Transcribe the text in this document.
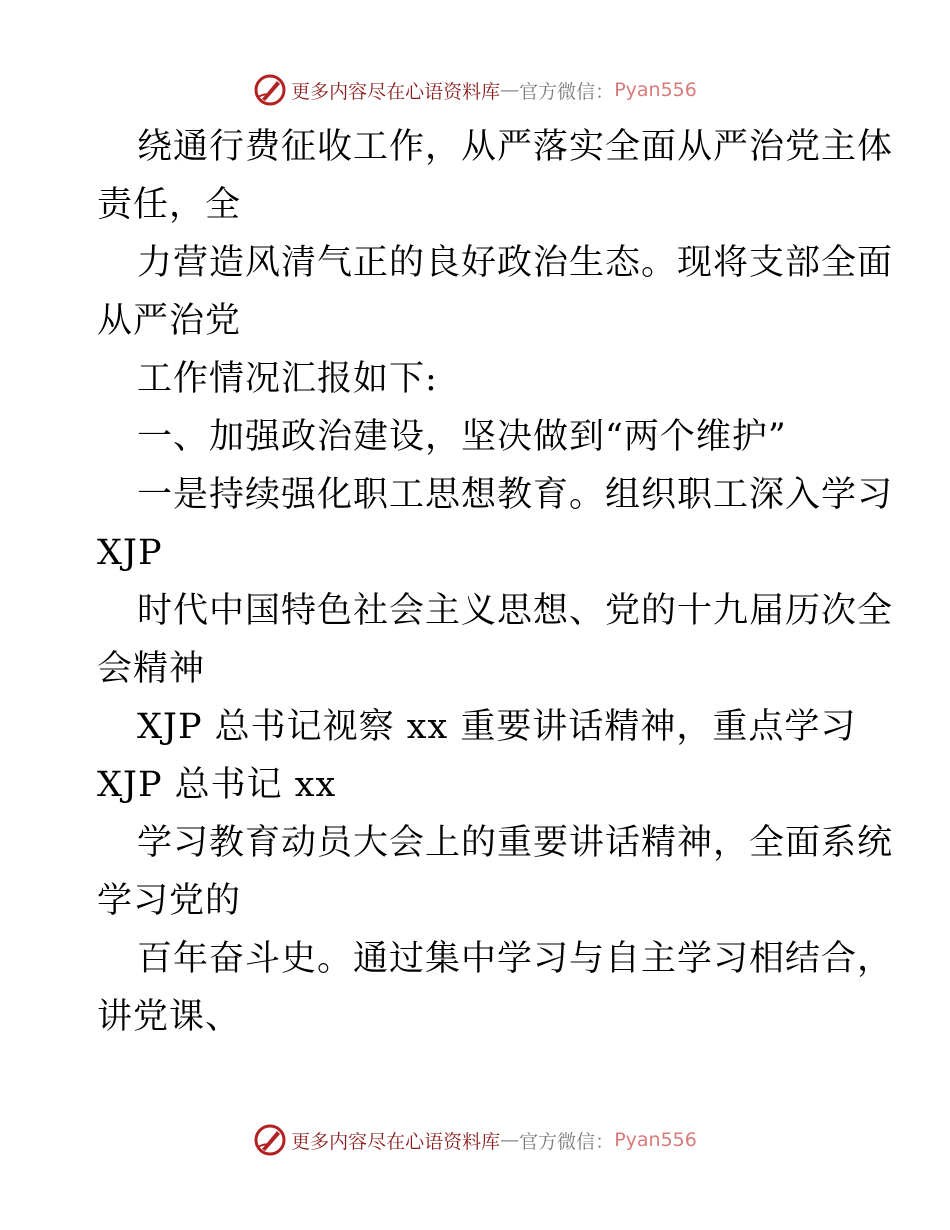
更多内容尽在心语资料库 — 官方微信： Pyan556
绕通行费征收工作，从严落实全面从严治党主体
责任，全
力营造风清气正的良好政治生态。现将支部全面
从严治党
工作情况汇报如下:
一、加强政治建设，坚决做到“两个维护”
一是持续强化职工思想教育。组织职工深入学习
XJP
时代中国特色社会主义思想、党的十九届历次全
会精神
XJP 总书记视察 xx 重要讲话精神，重点学习
XJP 总书记 xx
学习教育动员大会上的重要讲话精神，全面系统
学习党的
百年奋斗史。通过集中学习与自主学习相结合，
讲党课、
更多内容尽在心语资料库 — 官方微信： Pyan556
